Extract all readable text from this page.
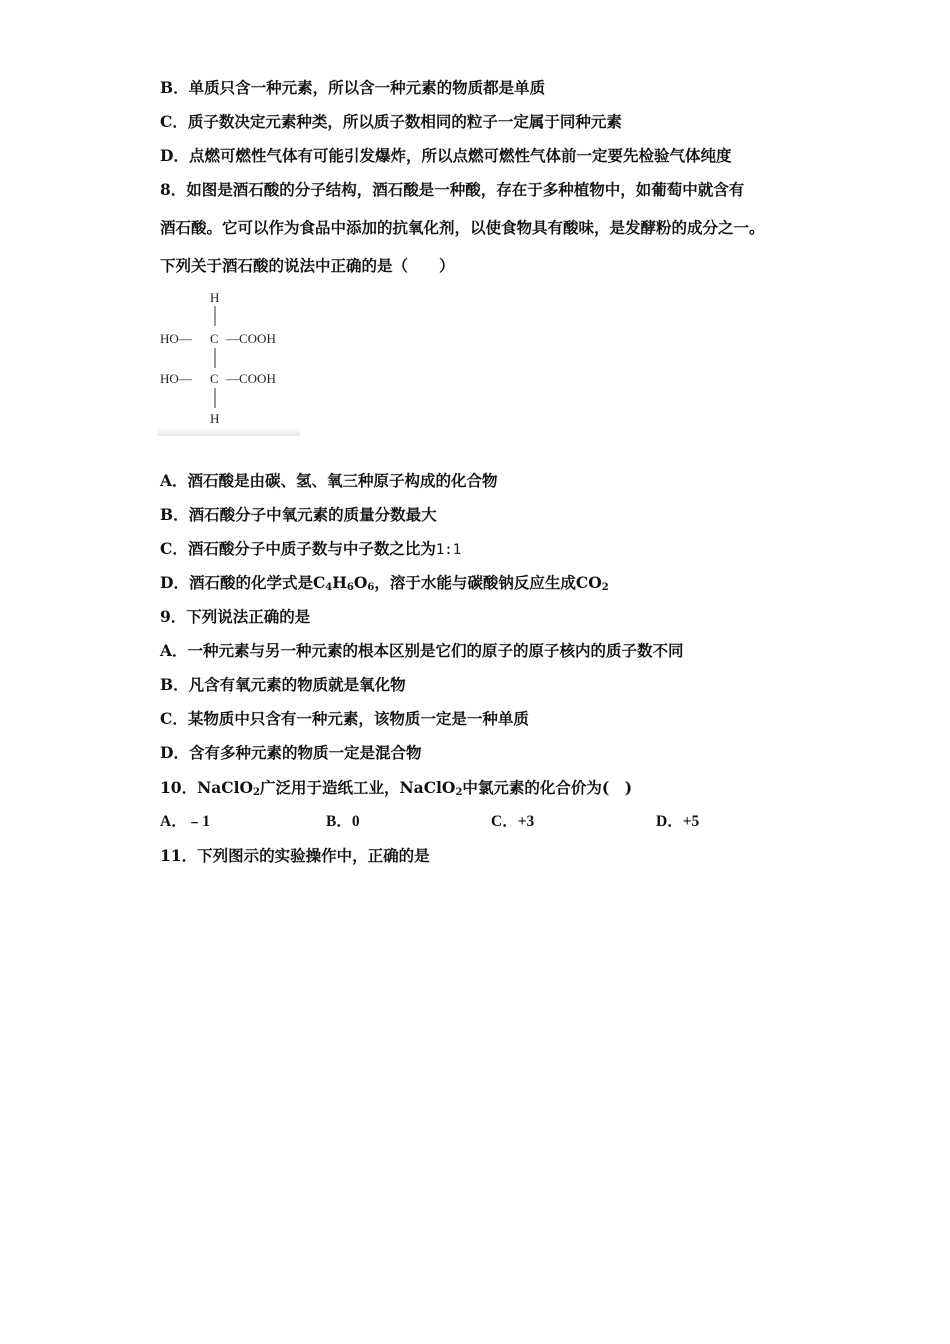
B．单质只含一种元素，所以含一种元素的物质都是单质
C．质子数决定元素种类，所以质子数相同的粒子一定属于同种元素
D．点燃可燃性气体有可能引发爆炸，所以点燃可燃性气体前一定要先检验气体纯度
8．如图是酒石酸的分子结构，酒石酸是一种酸，存在于多种植物中，如葡萄中就含有
酒石酸。它可以作为食品中添加的抗氧化剂，以使食物具有酸味，是发酵粉的成分之一。
下列关于酒石酸的说法中正确的是（　　）
H
HO— C —COOH
HO— C —COOH
H
A．酒石酸是由碳、氢、氧三种原子构成的化合物
B．酒石酸分子中氧元素的质量分数最大
C．酒石酸分子中质子数与中子数之比为1:1
D．酒石酸的化学式是$C_4H_6O_6$，溶于水能与碳酸钠反应生成$CO_2$
9．下列说法正确的是
A．一种元素与另一种元素的根本区别是它们的原子的原子核内的质子数不同
B．凡含有氧元素的物质就是氧化物
C．某物质中只含有一种元素，该物质一定是一种单质
D．含有多种元素的物质一定是混合物
10．NaClO$_2$广泛用于造纸工业，NaClO$_2$中氯元素的化合价为(　)
A．﹣1	B．0	C．+3	D．+5
11．下列图示的实验操作中，正确的是
